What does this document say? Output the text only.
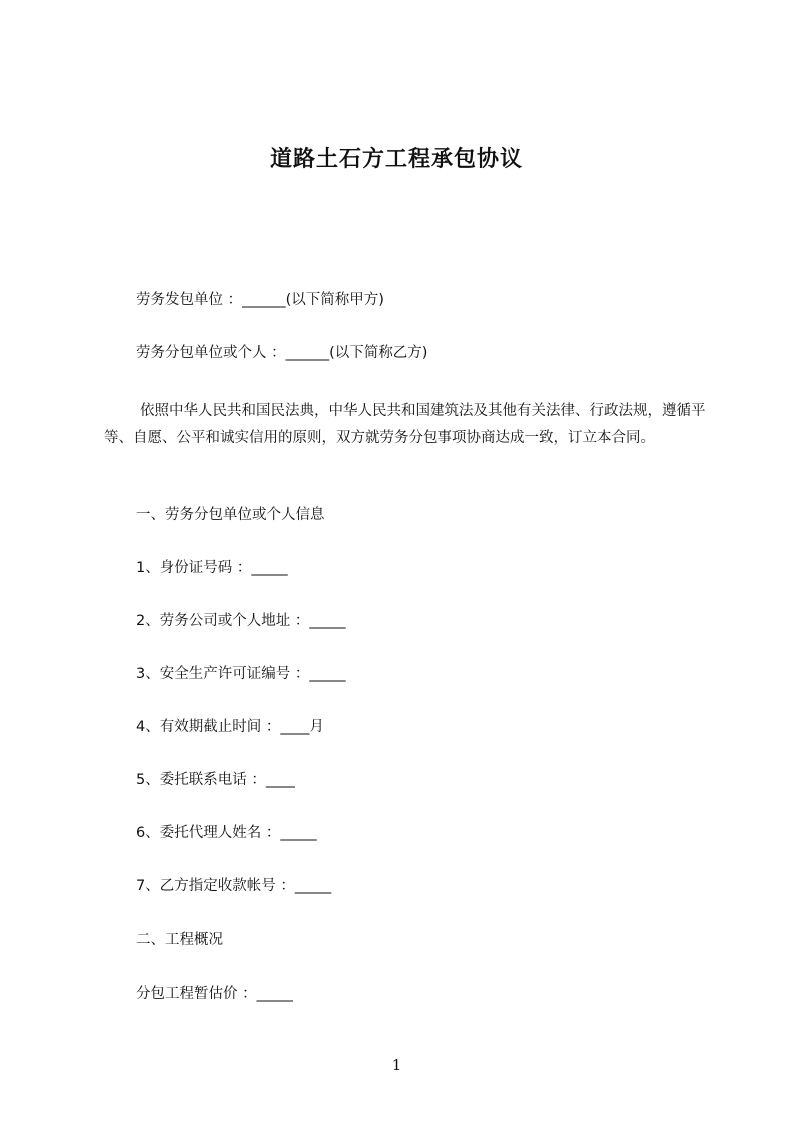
道路土石方工程承包协议

劳务发包单位 ：______(以下简称甲方)

劳务分包单位或个人 ：______(以下简称乙方)

依照中华人民共和国民法典，中华人民共和国建筑法及其他有关法律、行政法规，遵循平等、自愿、公平和诚实信用的原则，双方就劳务分包事项协商达成一致，订立本合同。

一、劳务分包单位或个人信息

1、身份证号码 ：_____

2、劳务公司或个人地址 ：_____

3、安全生产许可证编号 ：_____

4、有效期截止时间 ：____月

5、委托联系电话 ：____

6、委托代理人姓名 ：_____

7、乙方指定收款帐号 ：_____

二、工程概况

分包工程暂估价 ：_____

1
